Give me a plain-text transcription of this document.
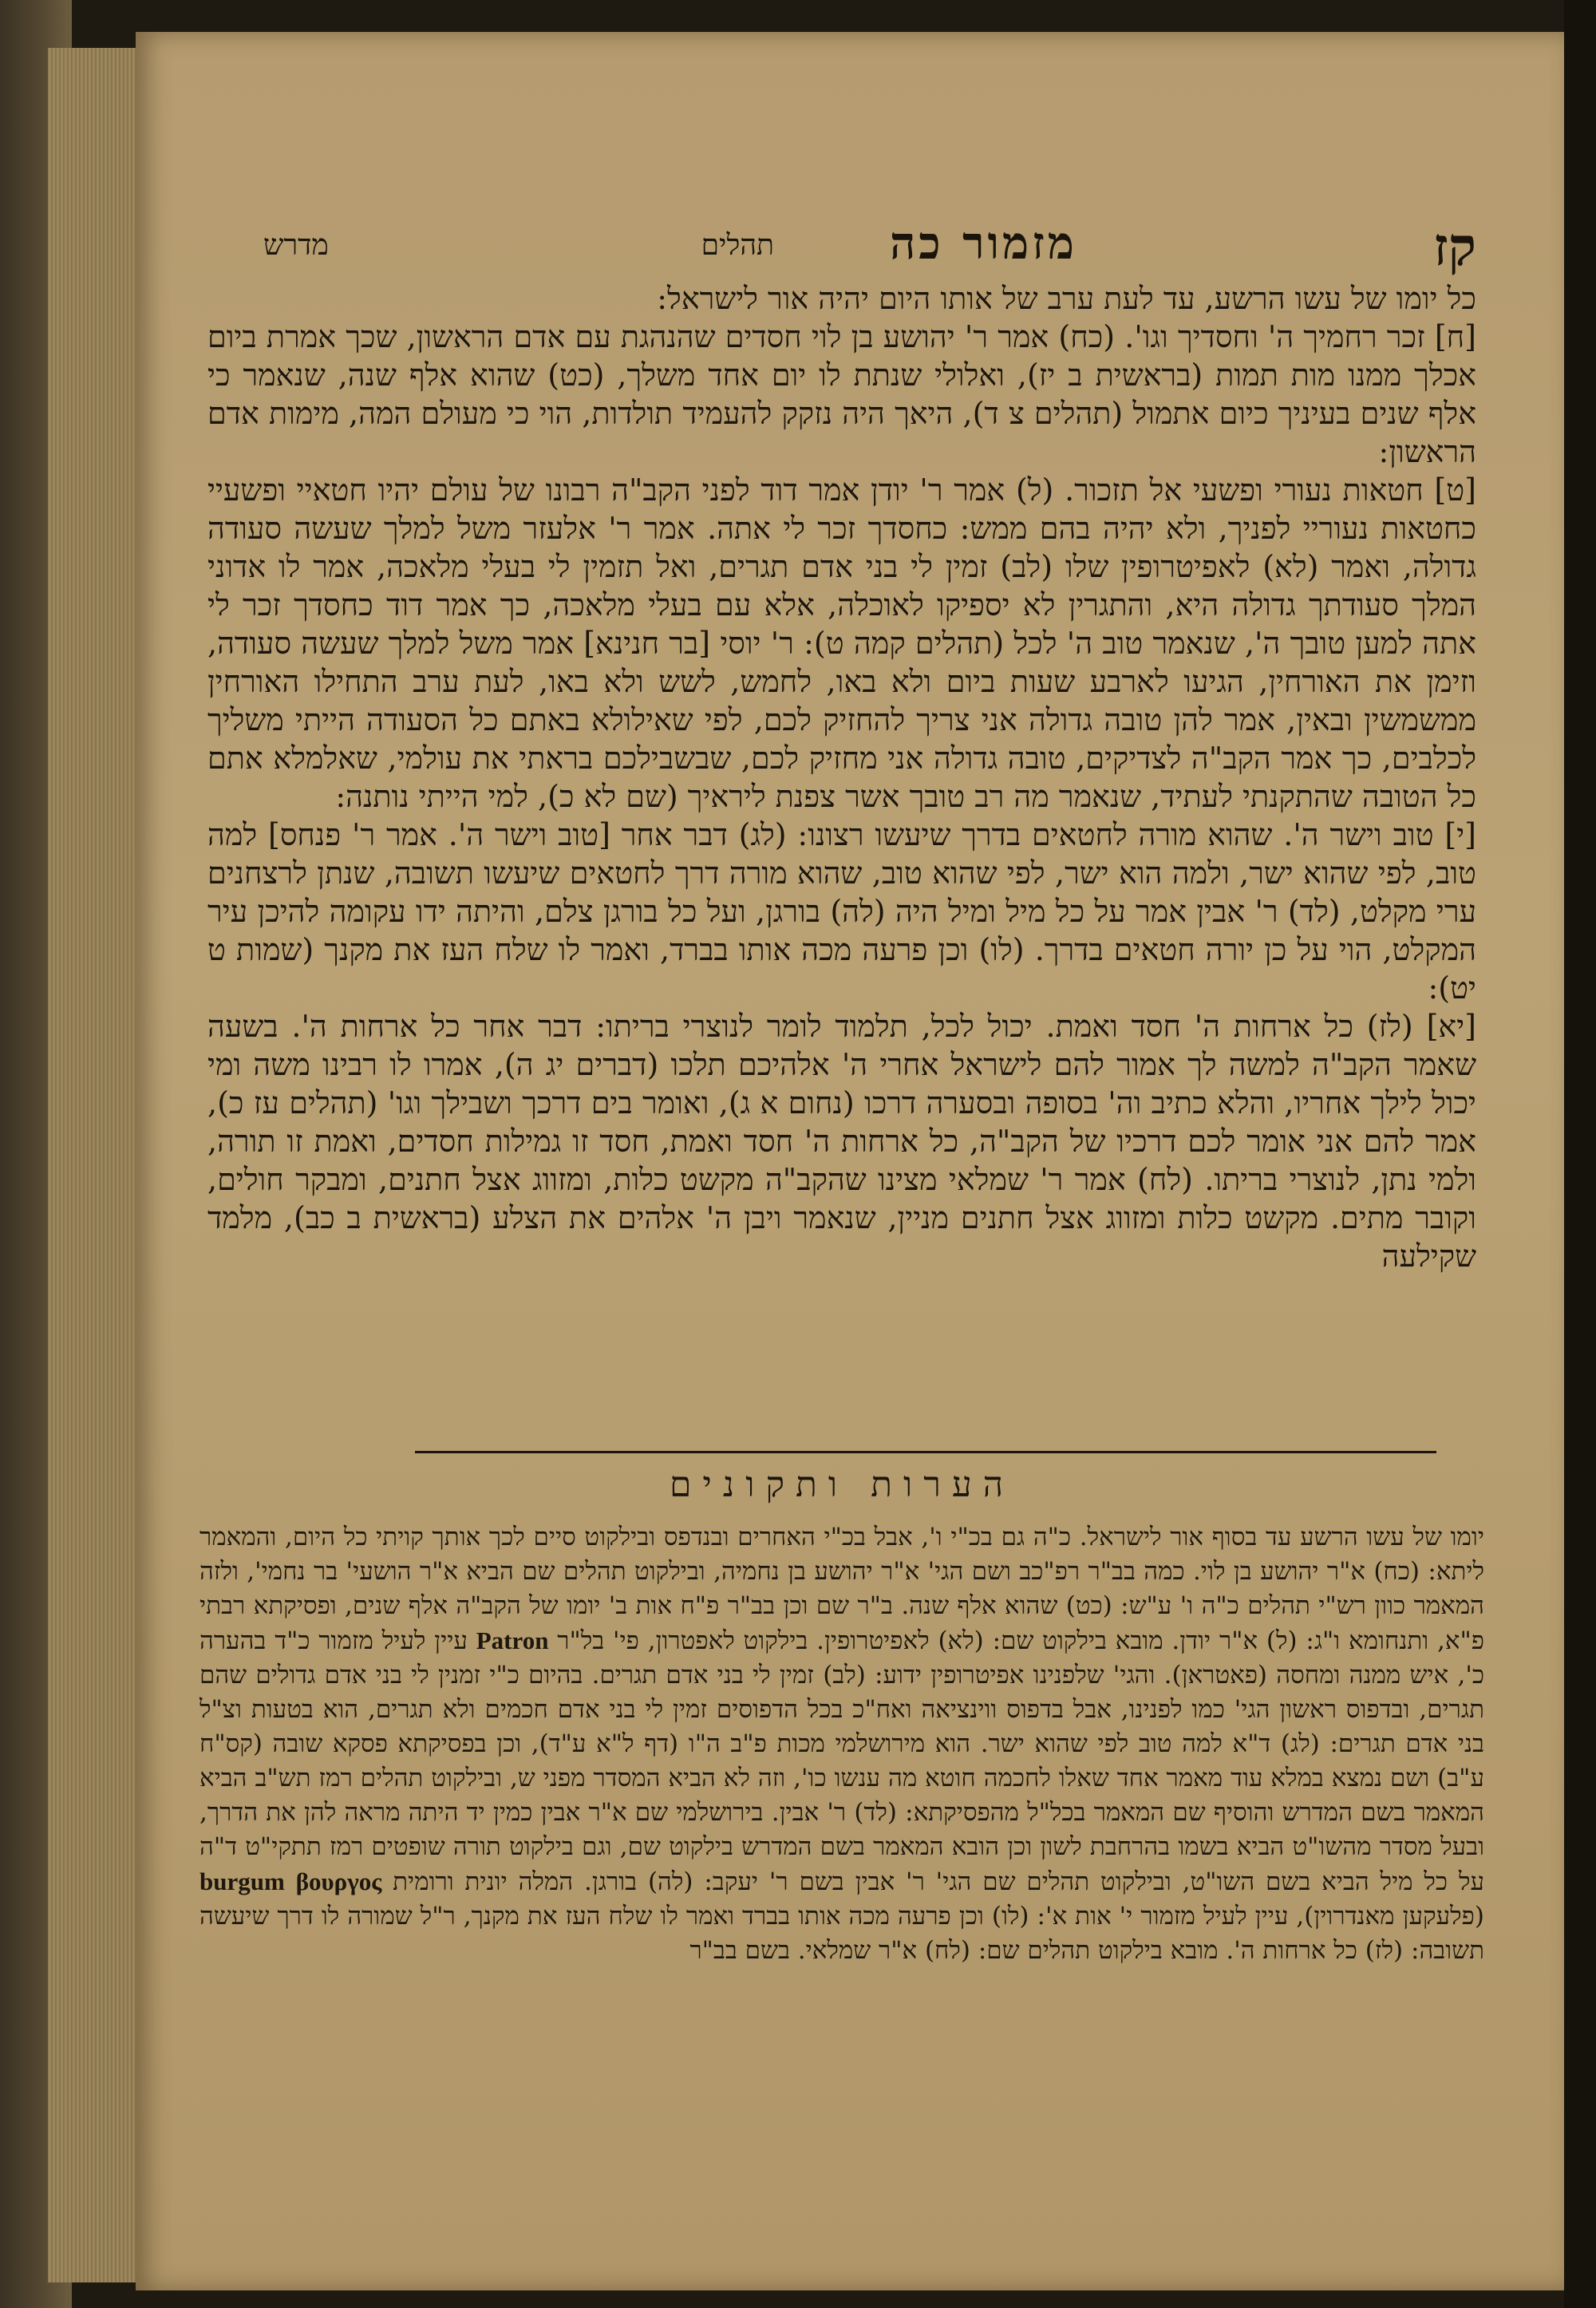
קז
מזמור כה
תהלים
מדרש

כל יומו של עשו הרשע, עד לעת ערב של אותו היום יהיה אור לישראל:

[ח] זכר רחמיך ה' וחסדיך וגו'. (כח) אמר ר' יהושע בן לוי חסדים שהנהגת עם אדם הראשון, שכך אמרת ביום אכלך ממנו מות תמות (בראשית ב יז), ואלולי שנתת לו יום אחד משלך, (כט) שהוא אלף שנה, שנאמר כי אלף שנים בעיניך כיום אתמול (תהלים צ ד), היאך היה נזקק להעמיד תולדות, הוי כי מעולם המה, מימות אדם הראשון:

[ט] חטאות נעורי ופשעי אל תזכור. (ל) אמר ר' יודן אמר דוד לפני הקב"ה רבונו של עולם יהיו חטאיי ופשעיי כחטאות נעוריי לפניך, ולא יהיה בהם ממש: כחסדך זכר לי אתה. אמר ר' אלעזר משל למלך שעשה סעודה גדולה, ואמר (לא) לאפיטרופין שלו (לב) זמין לי בני אדם תגרים, ואל תזמין לי בעלי מלאכה, אמר לו אדוני המלך סעודתך גדולה היא, והתגרין לא יספיקו לאוכלה, אלא עם בעלי מלאכה, כך אמר דוד כחסדך זכר לי אתה למען טובך ה', שנאמר טוב ה' לכל (תהלים קמה ט): ר' יוסי [בר חנינא] אמר משל למלך שעשה סעודה, וזימן את האורחין, הגיעו לארבע שעות ביום ולא באו, לחמש, לשש ולא באו, לעת ערב התחילו האורחין ממשמשין ובאין, אמר להן טובה גדולה אני צריך להחזיק לכם, לפי שאילולא באתם כל הסעודה הייתי משליך לכלבים, כך אמר הקב"ה לצדיקים, טובה גדולה אני מחזיק לכם, שבשבילכם בראתי את עולמי, שאלמלא אתם כל הטובה שהתקנתי לעתיד, שנאמר מה רב טובך אשר צפנת ליראיך (שם לא כ), למי הייתי נותנה:

[י] טוב וישר ה'. שהוא מורה לחטאים בדרך שיעשו רצונו: (לג) דבר אחר [טוב וישר ה'. אמר ר' פנחס] למה טוב, לפי שהוא ישר, ולמה הוא ישר, לפי שהוא טוב, שהוא מורה דרך לחטאים שיעשו תשובה, שנתן לרצחנים ערי מקלט, (לד) ר' אבין אמר על כל מיל ומיל היה (לה) בורגן, ועל כל בורגן צלם, והיתה ידו עקומה להיכן עיר המקלט, הוי על כן יורה חטאים בדרך. (לו) וכן פרעה מכה אותו בברד, ואמר לו שלח העז את מקנך (שמות ט יט):

[יא] (לז) כל ארחות ה' חסד ואמת. יכול לכל, תלמוד לומר לנוצרי בריתו: דבר אחר כל ארחות ה'. בשעה שאמר הקב"ה למשה לך אמור להם לישראל אחרי ה' אלהיכם תלכו (דברים יג ה), אמרו לו רבינו משה ומי יכול לילך אחריו, והלא כתיב וה' בסופה ובסערה דרכו (נחום א ג), ואומר בים דרכך ושבילך וגו' (תהלים עז כ), אמר להם אני אומר לכם דרכיו של הקב"ה, כל ארחות ה' חסד ואמת, חסד זו גמילות חסדים, ואמת זו תורה, ולמי נתן, לנוצרי בריתו. (לח) אמר ר' שמלאי מצינו שהקב"ה מקשט כלות, ומזווג אצל חתנים, ומבקר חולים, וקובר מתים. מקשט כלות ומזווג אצל חתנים מניין, שנאמר ויבן ה' אלהים את הצלע (בראשית ב כב), מלמד שקילעה

הערות ותקונים
יומו של עשו הרשע עד בסוף אור לישראל. כ"ה גם בכ"י ו', אבל בכ"י האחרים ובנדפס ובילקוט סיים לכך אותך קויתי כל היום, והמאמר ליתא: (כח) א"ר יהושע בן לוי. כמה בב"ר רפ"כב ושם הגי' א"ר יהושע בן נחמיה, ובילקוט תהלים שם הביא א"ר הושעי' בר נחמי', ולזה המאמר כוון רש"י תהלים כ"ה ו' ע"ש: (כט) שהוא אלף שנה. ב"ר שם וכן בב"ר פ"ח אות ב' יומו של הקב"ה אלף שנים, ופסיקתא רבתי פ"א, ותנחומא ו"ג: (ל) א"ר יודן. מובא בילקוט שם: (לא) לאפיטרופין. בילקוט לאפטרון, פי' בל"ר Patron עיין לעיל מזמור כ"ד בהערה כ', איש ממנה ומחסה (פאטראן). והגי' שלפנינו אפיטרופין ידוע: (לב) זמין לי בני אדם תגרים. בהיום כ"י זמנין לי בני אדם גדולים שהם תגרים, ובדפוס ראשון הגי' כמו לפנינו, אבל בדפוס ווינציאה ואח"כ בכל הדפוסים זמין לי בני אדם חכמים ולא תגרים, הוא בטעות וצ"ל בני אדם תגרים: (לג) ד"א למה טוב לפי שהוא ישר. הוא מירושלמי מכות פ"ב ה"ו (דף ל"א ע"ד), וכן בפסיקתא פסקא שובה (קס"ח ע"ב) ושם נמצא במלא עוד מאמר אחד שאלו לחכמה חוטא מה ענשו כו', וזה לא הביא המסדר מפני ש, ובילקוט תהלים רמז תש"ב הביא המאמר בשם המדרש והוסיף שם המאמר בכל"ל מהפסיקתא: (לד) ר' אבין. בירושלמי שם א"ר אבין כמין יד היתה מראה להן את הדרך, ובעל מסדר מהשו"ט הביא בשמו בהרחבת לשון וכן הובא המאמר בשם המדרש בילקוט שם, וגם בילקוט תורה שופטים רמז תתקי"ט ד"ה על כל מיל הביא בשם השו"ט, ובילקוט תהלים שם הגי' ר' אבין בשם ר' יעקב: (לה) בורגן. המלה יונית ורומית burgum βουργος (פלעקען מאנדרוין), עיין לעיל מזמור י' אות א': (לו) וכן פרעה מכה אותו בברד ואמר לו שלח העז את מקנך, ר"ל שמורה לו דרך שיעשה תשובה: (לז) כל ארחות ה'. מובא בילקוט תהלים שם: (לח) א"ר שמלאי. בשם בב"ר
